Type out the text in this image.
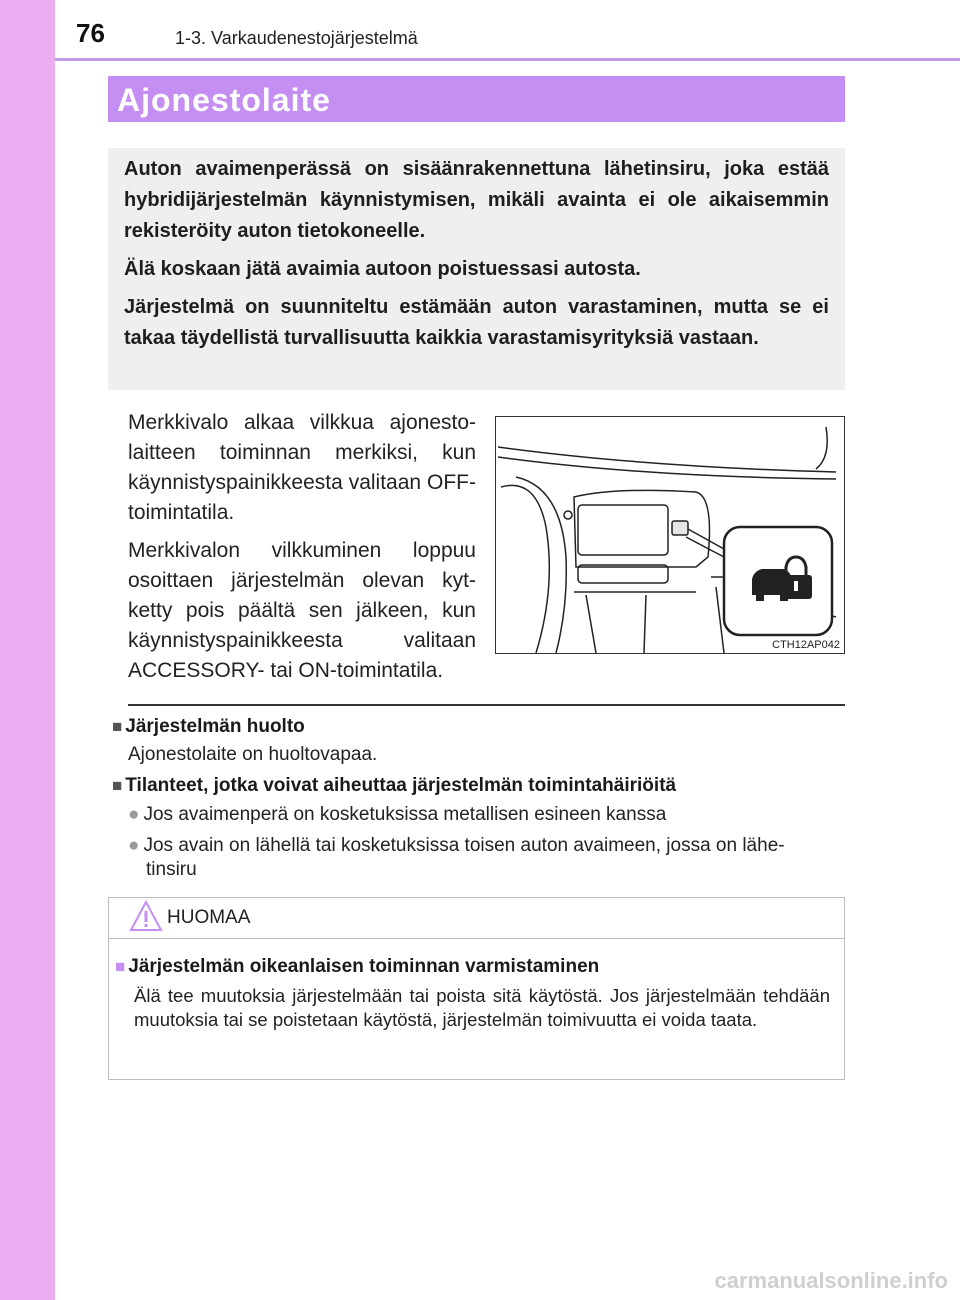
76	1-3. Varkaudenestojärjestelmä
Ajonestolaite

Auton avaimenperässä on sisäänrakennettuna lähetinsiru, joka estää hybridijärjestelmän käynnistymisen, mikäli avainta ei ole aikaisemmin rekisteröity auton tietokoneelle.

Älä koskaan jätä avaimia autoon poistuessasi autosta.

Järjestelmä on suunniteltu estämään auton varastaminen, mutta se ei takaa täydellistä turvallisuutta kaikkia varastamisyrityksiä vastaan.

Merkkivalo alkaa vilkkua ajonesto-laitteen toiminnan merkiksi, kun käynnistyspainikkeesta valitaan OFF-toimintatila.

Merkkivalon vilkkuminen loppuu osoittaen järjestelmän olevan kyt-ketty pois päältä sen jälkeen, kun käynnistyspainikkeesta valitaan ACCESSORY- tai ON-toimintatila.

CTH12AP042
■ Järjestelmän huolto
Ajonestolaite on huoltovapaa.
■ Tilanteet, jotka voivat aiheuttaa järjestelmän toimintahäiriöitä
● Jos avaimenperä on kosketuksissa metallisen esineen kanssa
● Jos avain on lähellä tai kosketuksissa toisen auton avaimeen, jossa on lähe-
tinsiru
HUOMAA
■ Järjestelmän oikeanlaisen toiminnan varmistaminen

Älä tee muutoksia järjestelmään tai poista sitä käytöstä. Jos järjestelmään tehdään muutoksia tai se poistetaan käytöstä, järjestelmän toimivuutta ei voida taata.

carmanualsonline.info
